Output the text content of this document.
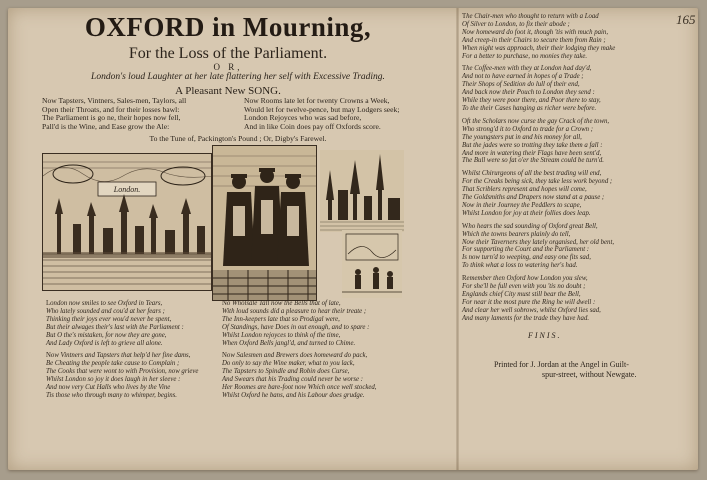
OXFORD in Mourning,
For the Loss of the Parliament.
O R,
London's loud Laughter at her late flattering her self with Excessive Trading.
A Pleasant New SONG.
Now Tapsters, Vintners, Sales-men, Taylors, all
Open their Throats, and for their losses bawl:
The Parliament is go ne, their hopes now fell,
Pall'd is the Wine, and Ease grow the Ale:
Now Rooms late let for twenty Crowns a Week,
Would let for twelve-pence, but may Lodgers seek;
London Rejoyces who was sad before,
And in like Coin does pay off Oxfords score.
To the Tune of, Packington's Pound ; Or, Digby's Farewel.
London.

London now smiles to see Oxford in Tears,
Who lately sounded and cou'd at her fears ;
Thinking their joys ever wou'd never be spent,
But their alwages their's last with the Parliament :
But O the's mistaken, for now they are gone,
And Lady Oxford is left to grieve all alone.

Now Vintners and Tapsters that help'd her fine dams,
Be Cheating the people take cause to Complain ;
The Cooks that were wont to with Provision, now grieve
Whilst London so joy it does laugh in her sleeve :
And now very Cut Halls who lives by the Vine
Tis those who through many to whimper, begins.

No Wholsale Tall now the Bells that of late,
With loud sounds did a pleasure to hear their treate ;
The Inn-keepers late that so Prodigal were,
Of Standings, have Does in out enough, and to spare :
Whilst London rejoyces to think of the time,
When Oxford Bells jangl'd, and turned to Chime.

Now Salesmen and Brewers does homeward do pack,
Do only to say the Wine maker, what to you lack,
The Tapsters to Spindle and Robin does Curse,
And Swears that his Trading could never be worse :
Her Roomes are bare-foot now Which once well stocked,
Whilst Oxford he bans, and his Labour does grudge.

The Chair-men who thought to return with a Load
Of Silver to London, to fix their abode ;
Now homeward do foot it, though 'tis with much pain,
And creep-in their Chairs to secure them from Rain ;
When night was approach, their their lodging they make
For a better to purchase, no monies they take.

The Coffee-men with they at London had day'd,
And not to have earned in hopes of a Trade ;
Their Shops of Sedition do lull of their end,
And back now their Pouch to London they send :
While they were poor there, and Poor there to stay,
To the their Cases hanging as richer were before.

Oft the Scholars now curse the gay Crack of the town,
Who strong'd it to Oxford to trade for a Crown ;
The youngsters put in and his money for all,
But the jades were so trotting they take them a fall :
And more in watering their Flags have been sent'd,
The Bull were so fat o'er the Stream could be turn'd.

Whilst Chirurgeons of all the best trading will end,
For the Creaks being sick, they take less work beyond ;
That Scriblers represent and hopes will come,
The Goldsmiths and Drapers now stand at a pause ;
Now in their Journey the Peddlers to scape,
Whilst London for joy at their follies does leap.

Who hears the sad sounding of Oxford great Bell,
Which the towns bearers plainly do tell,
Now their Taverners they lately organised, her old bent,
For supporting the Court and the Parliament :
Is now turn'd to weeping, and easy one fits sad,
To think what a loss to watering her's had.

Remember then Oxford how London you slew,
For she'll be full even with you 'tis no doubt ;
Englands chief City must still bear the Bell,
For near it the most pure the Ring he will dwell :
And clear her well sobrows, whilst Oxford lies sad,
And many laments for the trade they have had.

FINIS.
Printed for J. Jordan at the Angel in Guilt-
spur-street, without Newgate.
165
